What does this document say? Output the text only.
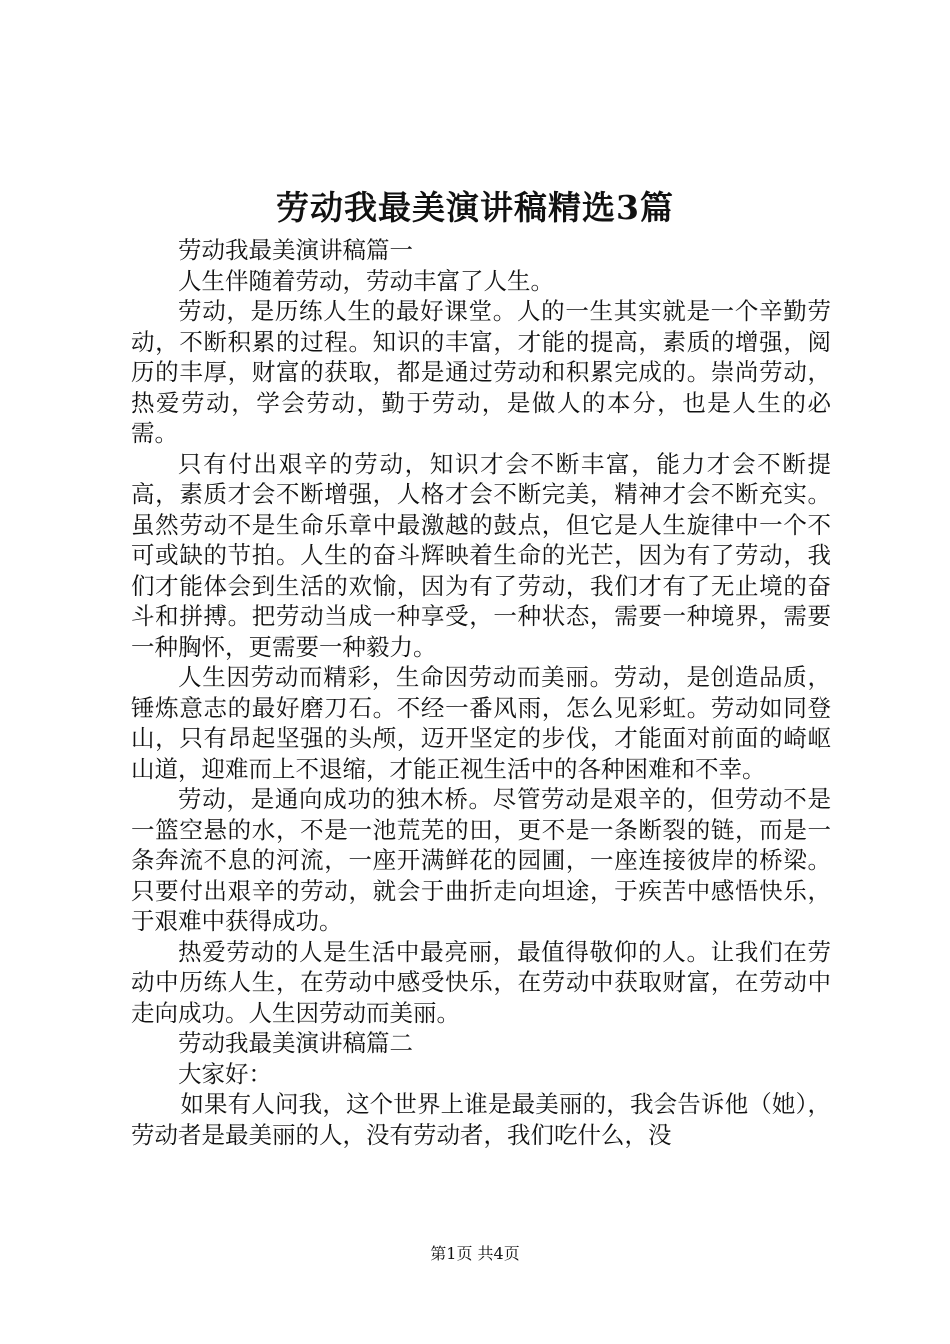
劳动我最美演讲稿精选3篇

劳动我最美演讲稿篇一

人生伴随着劳动，劳动丰富了人生。

劳动，是历练人生的最好课堂。人的一生其实就是一个辛勤劳动，不断积累的过程。知识的丰富，才能的提高，素质的增强，阅历的丰厚，财富的获取，都是通过劳动和积累完成的。崇尚劳动，热爱劳动，学会劳动，勤于劳动，是做人的本分，也是人生的必需。

只有付出艰辛的劳动，知识才会不断丰富，能力才会不断提高，素质才会不断增强，人格才会不断完美，精神才会不断充实。虽然劳动不是生命乐章中最激越的鼓点，但它是人生旋律中一个不可或缺的节拍。人生的奋斗辉映着生命的光芒，因为有了劳动，我们才能体会到生活的欢愉，因为有了劳动，我们才有了无止境的奋斗和拼搏。把劳动当成一种享受，一种状态，需要一种境界，需要一种胸怀，更需要一种毅力。

人生因劳动而精彩，生命因劳动而美丽。劳动，是创造品质，锤炼意志的最好磨刀石。不经一番风雨，怎么见彩虹。劳动如同登山，只有昂起坚强的头颅，迈开坚定的步伐，才能面对前面的崎岖山道，迎难而上不退缩，才能正视生活中的各种困难和不幸。

劳动，是通向成功的独木桥。尽管劳动是艰辛的，但劳动不是一篮空悬的水，不是一池荒芜的田，更不是一条断裂的链，而是一条奔流不息的河流，一座开满鲜花的园圃，一座连接彼岸的桥梁。只要付出艰辛的劳动，就会于曲折走向坦途，于疾苦中感悟快乐，于艰难中获得成功。

热爱劳动的人是生活中最亮丽，最值得敬仰的人。让我们在劳动中历练人生，在劳动中感受快乐，在劳动中获取财富，在劳动中走向成功。人生因劳动而美丽。

劳动我最美演讲稿篇二

大家好：

如果有人问我，这个世界上谁是最美丽的，我会告诉他（她），劳动者是最美丽的人，没有劳动者，我们吃什么，没

第1页 共4页
